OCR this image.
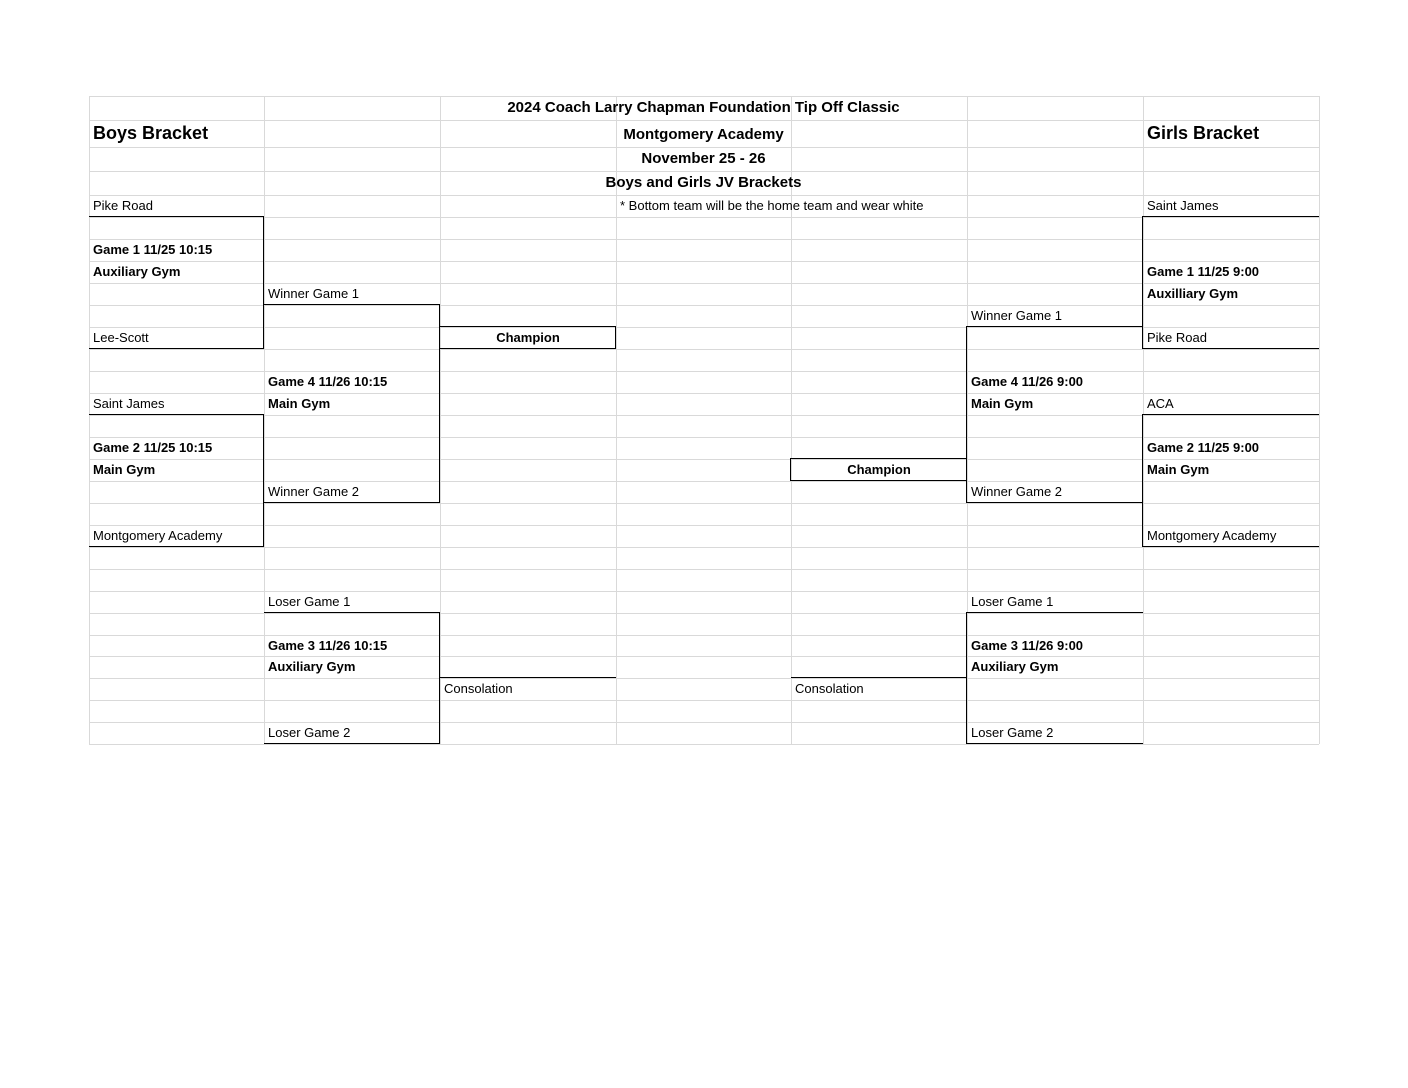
2024 Coach Larry Chapman Foundation Tip Off Classic
Boys Bracket	Montgomery Academy	Girls Bracket
November 25 - 26
Boys and Girls JV Brackets
* Bottom team will be the home team and wear white
Pike Road
Game 1 11/25 10:15
Auxiliary Gym
Winner Game 1
Lee-Scott	Champion
Game 4 11/26 10:15
Saint James	Main Gym
Game 2 11/25 10:15
Main Gym
Winner Game 2
Montgomery Academy
Loser Game 1
Game 3 11/26 10:15
Auxiliary Gym
Consolation
Loser Game 2
Saint James
Game 1 11/25 9:00
Auxilliary Gym
Winner Game 1
Pike Road
Game 4 11/26 9:00
Main Gym	ACA
Game 2 11/25 9:00
Champion	Main Gym
Winner Game 2
Montgomery Academy
Loser Game 1
Game 3 11/26 9:00
Auxiliary Gym
Consolation
Loser Game 2
